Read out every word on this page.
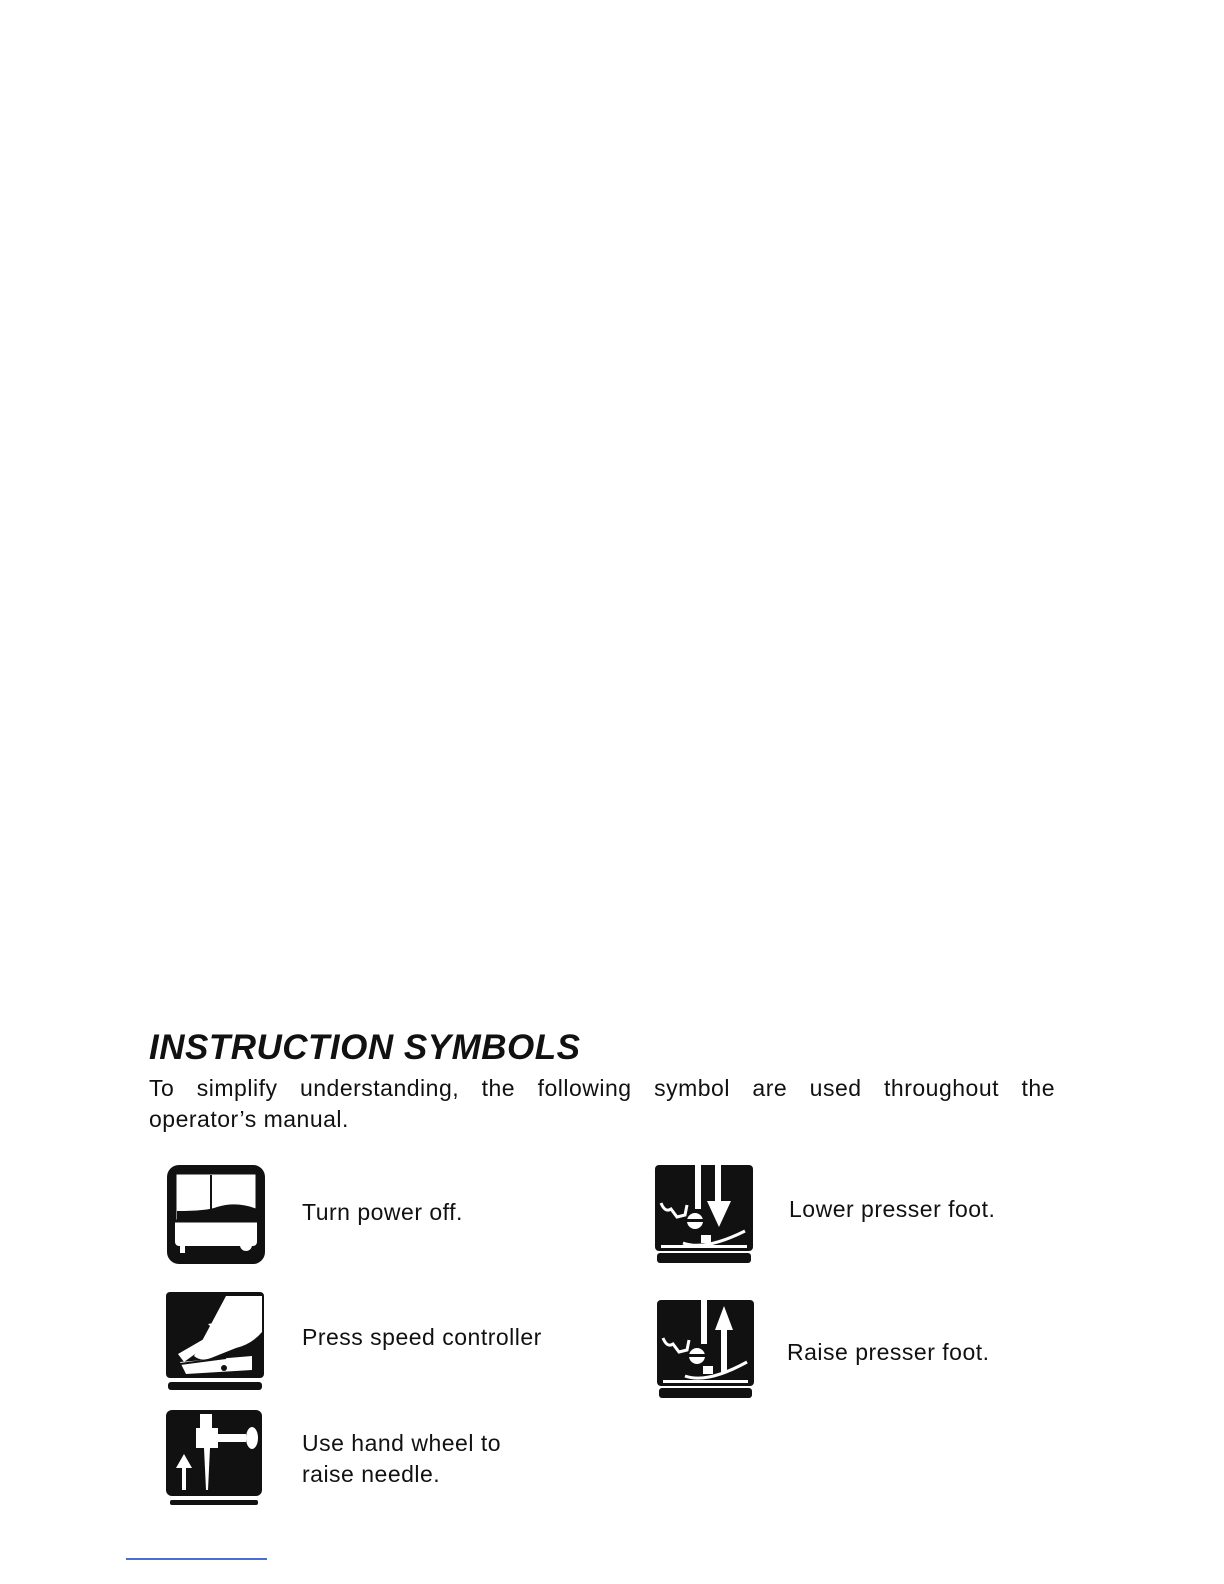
INSTRUCTION SYMBOLS

To simplify understanding, the following symbol are used throughout the
operator’s manual.

Turn power off.

Press speed controller

Use hand wheel to
raise needle.

Lower presser foot.

Raise presser foot.
